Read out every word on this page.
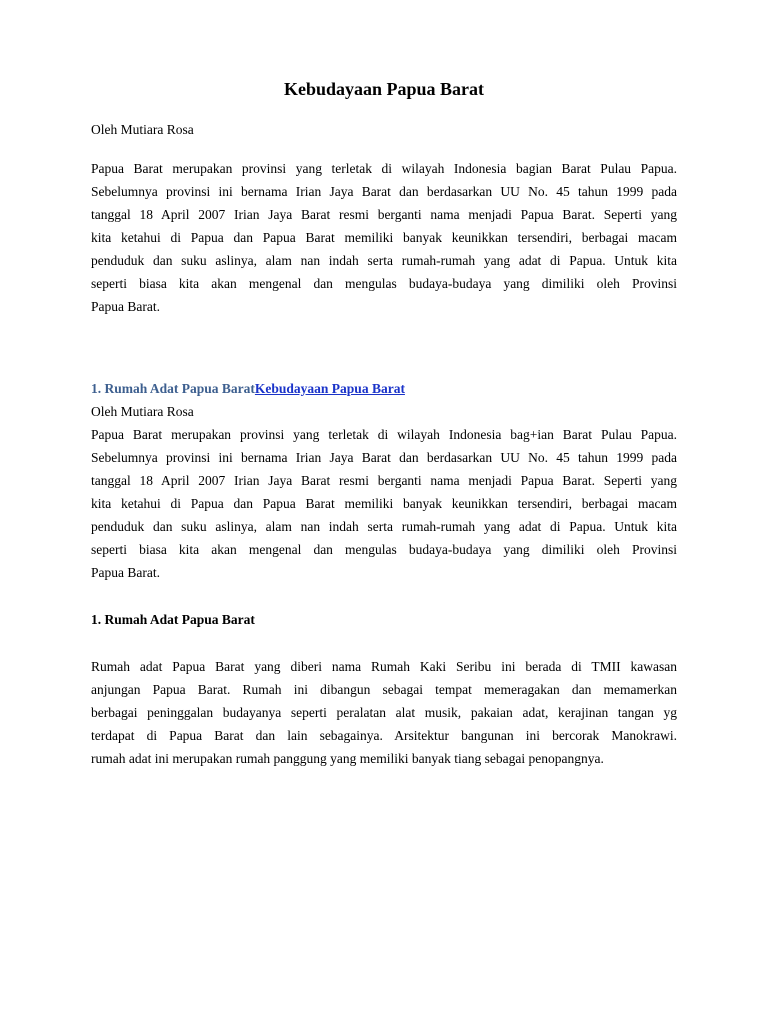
Kebudayaan Papua Barat

Oleh Mutiara Rosa

Papua Barat merupakan provinsi yang terletak di wilayah Indonesia bagian Barat Pulau Papua.
Sebelumnya provinsi ini bernama Irian Jaya Barat dan berdasarkan UU No. 45 tahun 1999 pada
tanggal 18 April 2007 Irian Jaya Barat resmi berganti nama menjadi Papua Barat. Seperti yang
kita ketahui di Papua dan Papua Barat memiliki banyak keunikkan tersendiri, berbagai macam
penduduk dan suku aslinya, alam nan indah serta rumah-rumah yang adat di Papua. Untuk kita
seperti biasa kita akan mengenal dan mengulas budaya-budaya yang dimiliki oleh Provinsi
Papua Barat.

1. Rumah Adat Papua BaratKebudayaan Papua Barat

Oleh Mutiara Rosa

Papua Barat merupakan provinsi yang terletak di wilayah Indonesia bag+ian Barat Pulau Papua.
Sebelumnya provinsi ini bernama Irian Jaya Barat dan berdasarkan UU No. 45 tahun 1999 pada
tanggal 18 April 2007 Irian Jaya Barat resmi berganti nama menjadi Papua Barat. Seperti yang
kita ketahui di Papua dan Papua Barat memiliki banyak keunikkan tersendiri, berbagai macam
penduduk dan suku aslinya, alam nan indah serta rumah-rumah yang adat di Papua. Untuk kita
seperti biasa kita akan mengenal dan mengulas budaya-budaya yang dimiliki oleh Provinsi
Papua Barat.

1. Rumah Adat Papua Barat

Rumah adat Papua Barat yang diberi nama Rumah Kaki Seribu ini berada di TMII kawasan
anjungan Papua Barat. Rumah ini dibangun sebagai tempat memeragakan dan memamerkan
berbagai peninggalan budayanya seperti peralatan alat musik, pakaian adat, kerajinan tangan yg
terdapat di Papua Barat dan lain sebagainya. Arsitektur bangunan ini bercorak Manokrawi.
rumah adat ini merupakan rumah panggung yang memiliki banyak tiang sebagai penopangnya.
